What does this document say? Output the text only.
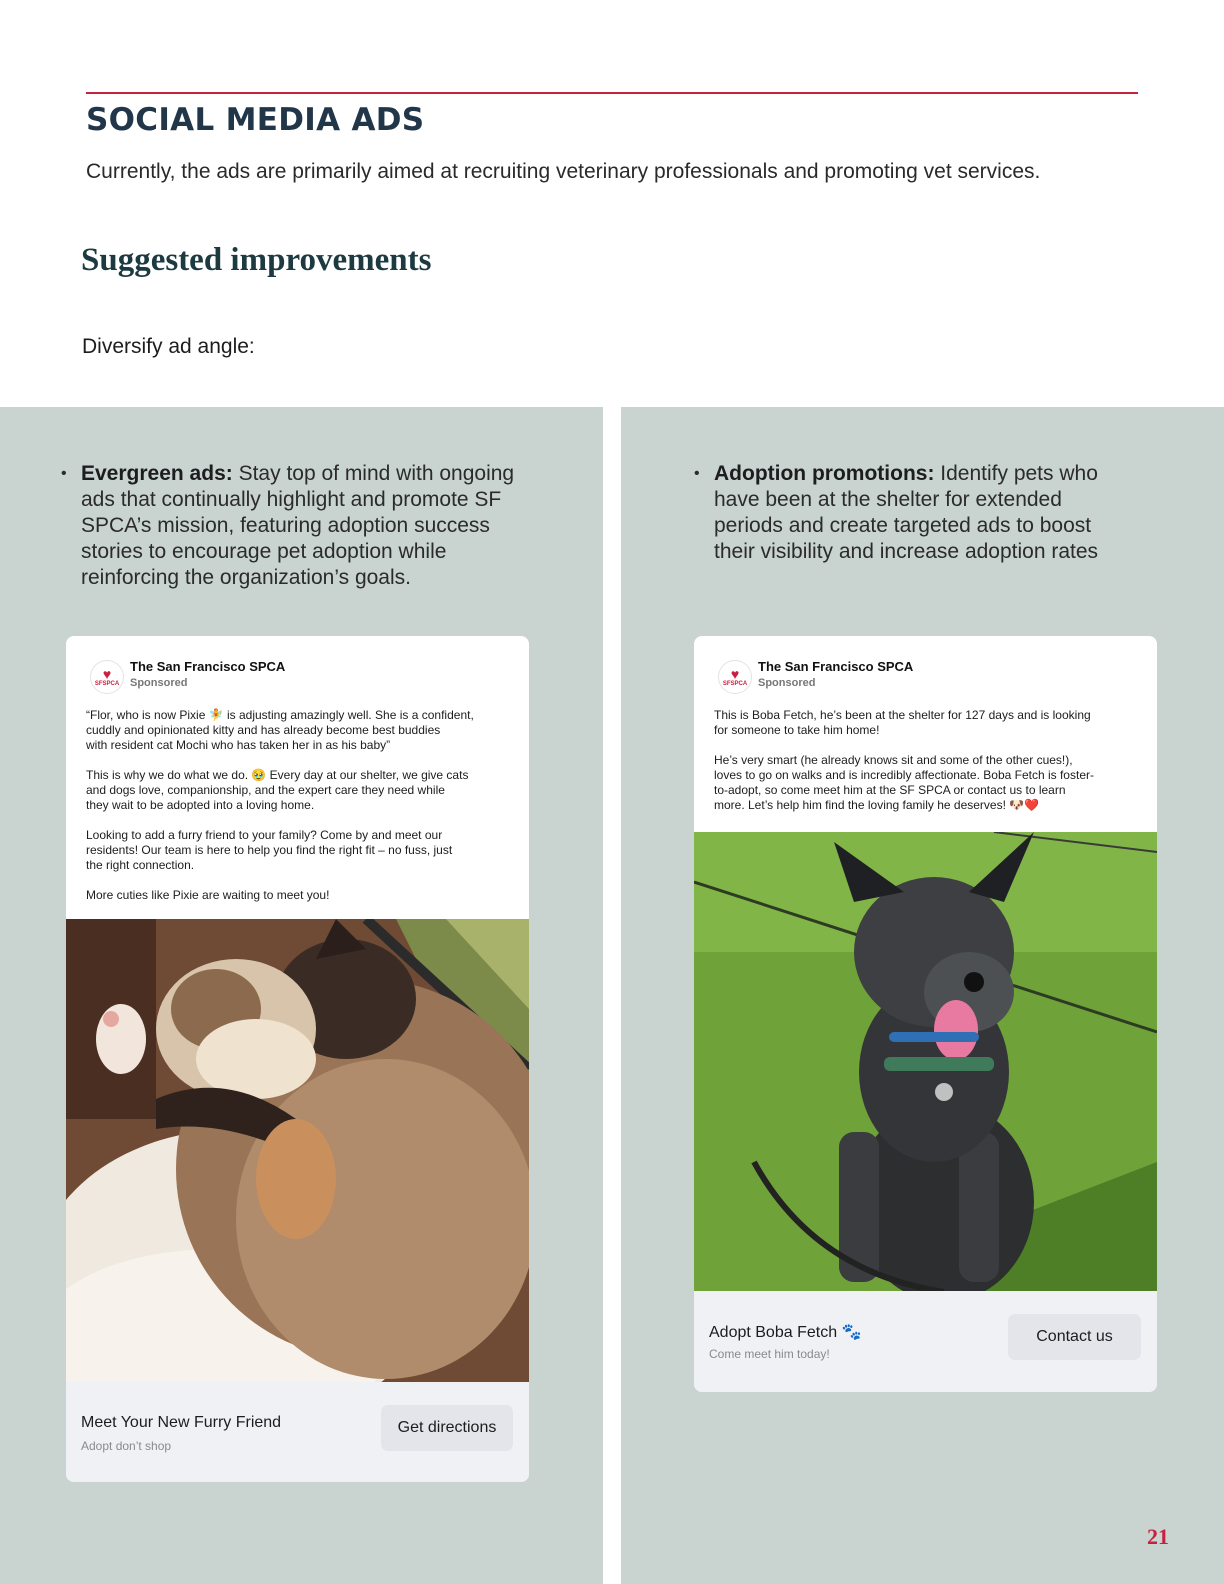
SOCIAL MEDIA ADS
Currently, the ads are primarily aimed at recruiting veterinary professionals and promoting vet services.
Suggested improvements
Diversify ad angle:
• Evergreen ads: Stay top of mind with ongoing
ads that continually highlight and promote SF
SPCA’s mission, featuring adoption success
stories to encourage pet adoption while
reinforcing the organization’s goals.
♥
SFSPCA
The San Francisco SPCA
Sponsored

“Flor, who is now Pixie 🧚 is adjusting amazingly well. She is a confident,
cuddly and opinionated kitty and has already become best buddies
with resident cat Mochi who has taken her in as his baby”

This is why we do what we do. 🥹 Every day at our shelter, we give cats
and dogs love, companionship, and the expert care they need while
they wait to be adopted into a loving home.

Looking to add a furry friend to your family? Come by and meet our
residents! Our team is here to help you find the right fit – no fuss, just
the right connection.

More cuties like Pixie are waiting to meet you!

Meet Your New Furry Friend
Adopt don’t shop
Get directions
• Adoption promotions: Identify pets who
have been at the shelter for extended
periods and create targeted ads to boost
their visibility and increase adoption rates
♥
SFSPCA
The San Francisco SPCA
Sponsored

This is Boba Fetch, he’s been at the shelter for 127 days and is looking
for someone to take him home!

He’s very smart (he already knows sit and some of the other cues!),
loves to go on walks and is incredibly affectionate. Boba Fetch is foster-
to-adopt, so come meet him at the SF SPCA or contact us to learn
more. Let’s help him find the loving family he deserves! 🐶❤️

Adopt Boba Fetch 🐾
Come meet him today!
Contact us
21
